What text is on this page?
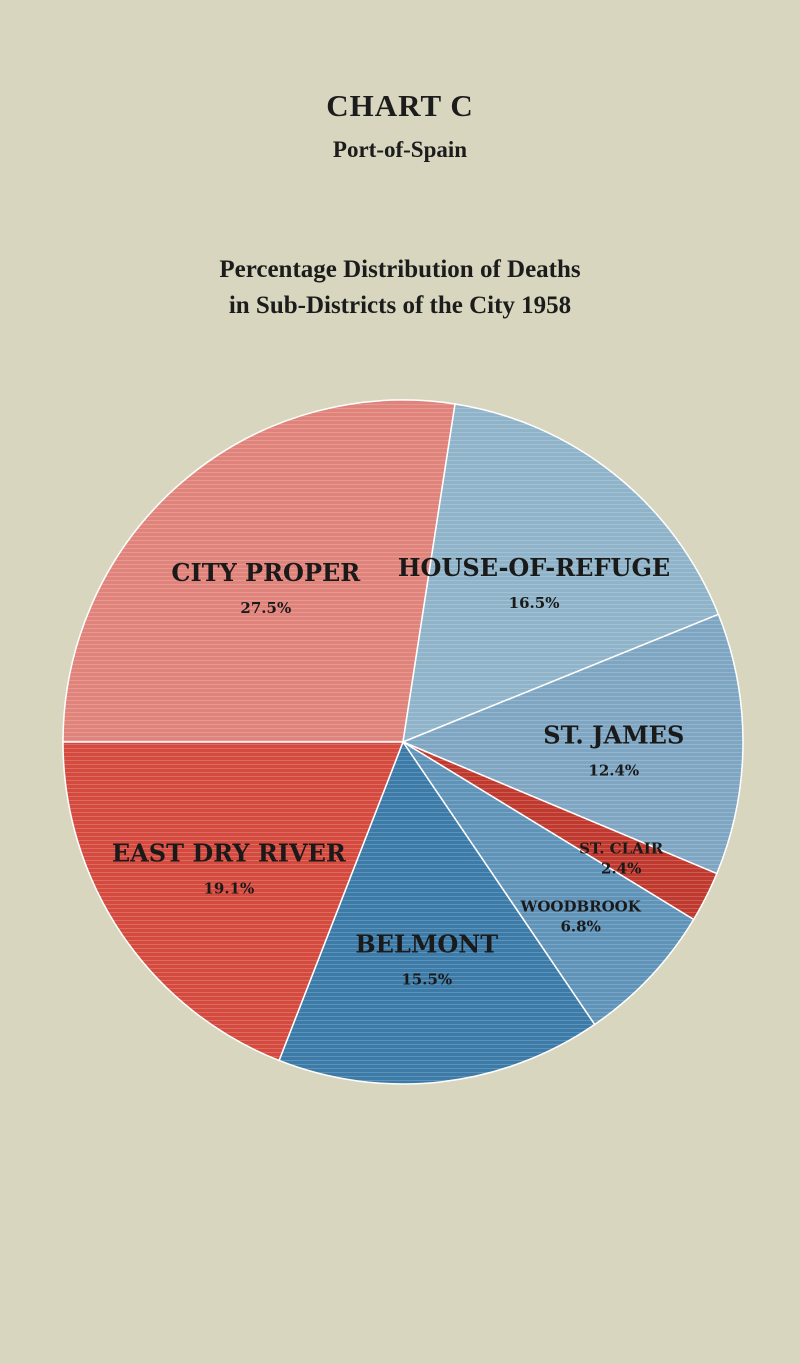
CHART C
Port-of-Spain
Percentage Distribution of Deaths
in Sub-Districts of the City 1958
CITY PROPER
27.5%
HOUSE-OF-REFUGE
16.5%
ST. JAMES
12.4%
ST. CLAIR
2.4%
WOODBROOK
6.8%
BELMONT
15.5%
EAST DRY RIVER
19.1%
